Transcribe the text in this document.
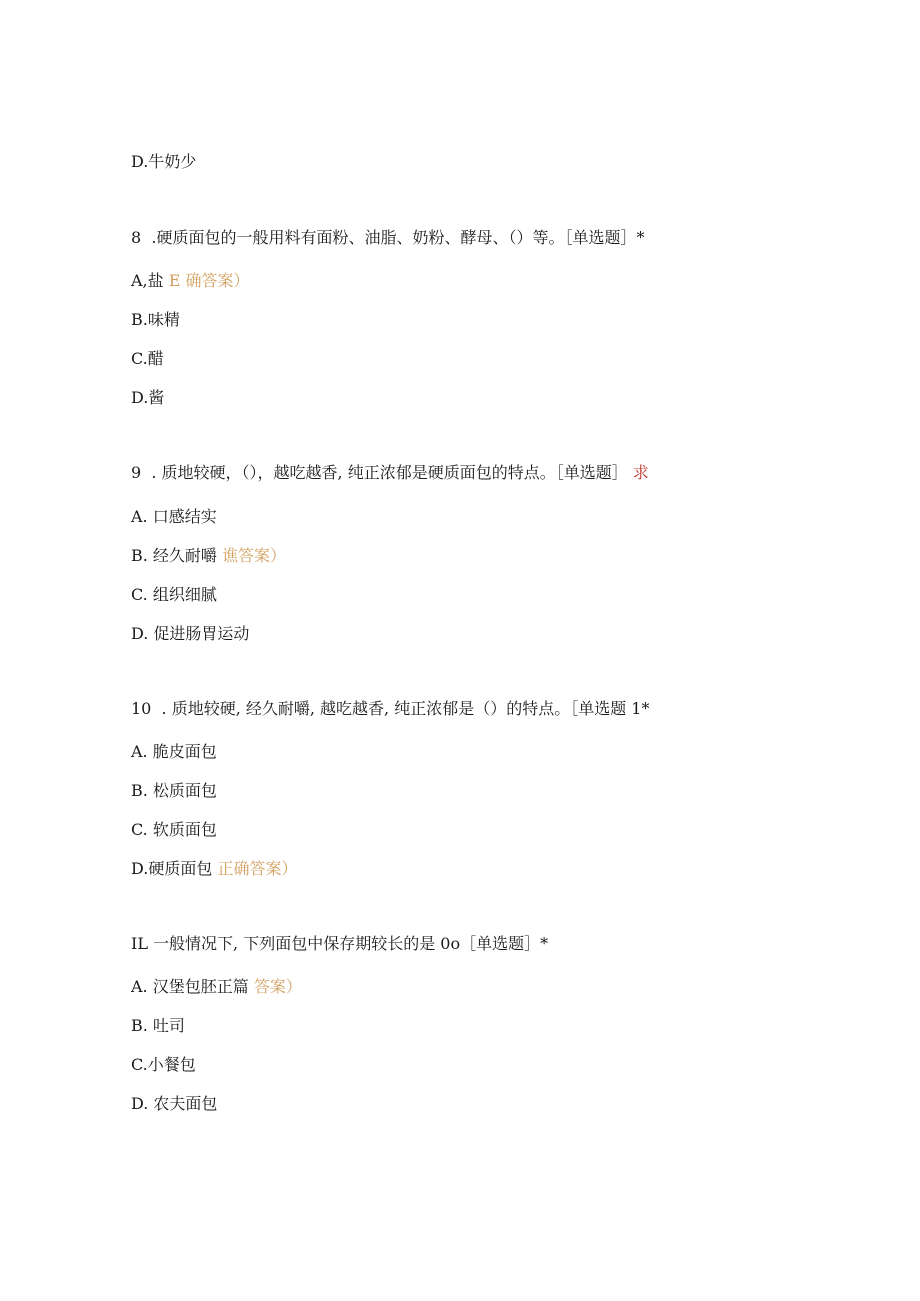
D.牛奶少
8  .硬质面包的一般用料有面粉、油脂、奶粉、酵母、（）等。［单选题］*
A,盐 E 确答案）
B.味精
C.醋
D.酱
9  . 质地较硬，（），越吃越香, 纯正浓郁是硬质面包的特点。［单选题］ 求
A. 口感结实
B. 经久耐嚼 谯答案）
C. 组织细腻
D. 促进肠胃运动
10  . 质地较硬, 经久耐嚼, 越吃越香, 纯正浓郁是（）的特点。［单选题 1*
A. 脆皮面包
B. 松质面包
C. 软质面包
D.硬质面包 正确答案）
IL 一般情况下, 下列面包中保存期较长的是 0o［单选题］*
A. 汉堡包胚正篇 答案）
B. 吐司
C.小餐包
D. 农夫面包
